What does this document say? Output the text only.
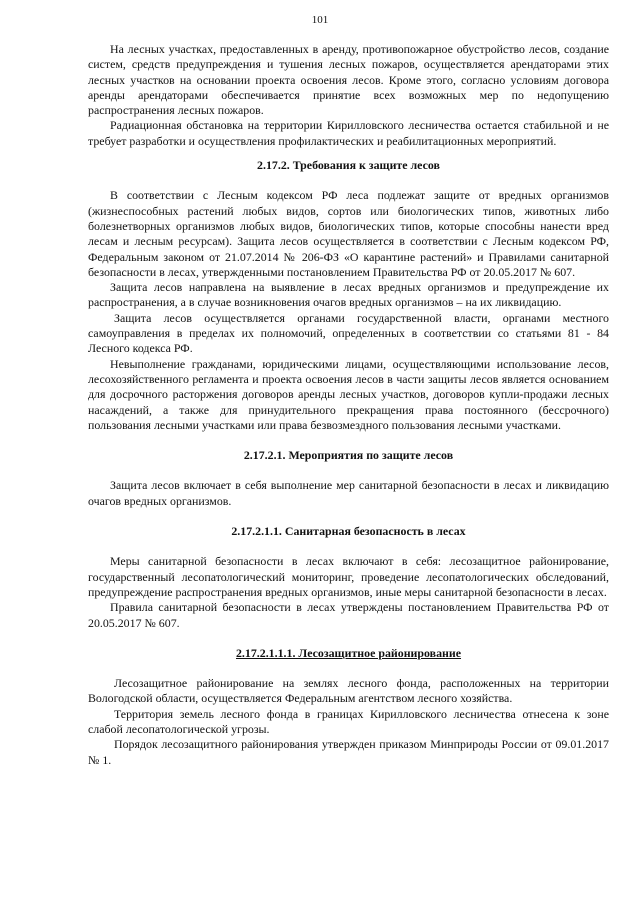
101

На лесных участках, предоставленных в аренду, противопожарное обустройство лесов, создание систем, средств предупреждения и тушения лесных пожаров, осуществляется арендаторами этих лесных участков на основании проекта освоения лесов. Кроме этого, согласно условиям договора аренды арендаторами обеспечивается принятие всех возможных мер по недопущению распространения лесных пожаров.

Радиационная обстановка на территории Кирилловского лесничества остается стабильной и не требует разработки и осуществления профилактических и реабилитационных мероприятий.

2.17.2. Требования к защите лесов

В соответствии с Лесным кодексом РФ леса подлежат защите от вредных организмов (жизнеспособных растений любых видов, сортов или биологических типов, животных либо болезнетворных организмов любых видов, биологических типов, которые способны нанести вред лесам и лесным ресурсам). Защита лесов осуществляется в соответствии с Лесным кодексом РФ, Федеральным законом от 21.07.2014 № 206-ФЗ «О карантине растений» и Правилами санитарной безопасности в лесах, утвержденными постановлением Правительства РФ от 20.05.2017 № 607.

Защита лесов направлена на выявление в лесах вредных организмов и предупреждение их распространения, а в случае возникновения очагов вредных организмов – на их ликвидацию.

Защита лесов осуществляется органами государственной власти, органами местного самоуправления в пределах их полномочий, определенных в соответствии со статьями 81 - 84 Лесного кодекса РФ.

Невыполнение гражданами, юридическими лицами, осуществляющими использование лесов, лесохозяйственного регламента и проекта освоения лесов в части защиты лесов является основанием для досрочного расторжения договоров аренды лесных участков, договоров купли-продажи лесных насаждений, а также для принудительного прекращения права постоянного (бессрочного) пользования лесными участками или права безвозмездного пользования лесными участками.

2.17.2.1. Мероприятия по защите лесов

Защита лесов включает в себя выполнение мер санитарной безопасности в лесах и ликвидацию очагов вредных организмов.

2.17.2.1.1. Санитарная безопасность в лесах

Меры санитарной безопасности в лесах включают в себя: лесозащитное районирование, государственный лесопатологический мониторинг, проведение лесопатологических обследований, предупреждение распространения вредных организмов, иные меры санитарной безопасности в лесах.

Правила санитарной безопасности в лесах утверждены постановлением Правительства РФ от 20.05.2017 № 607.

2.17.2.1.1.1. Лесозащитное районирование

Лесозащитное районирование на землях лесного фонда, расположенных на территории Вологодской области, осуществляется Федеральным агентством лесного хозяйства.

Территория земель лесного фонда в границах Кирилловского лесничества отнесена к зоне слабой лесопатологической угрозы.

Порядок лесозащитного районирования утвержден приказом Минприроды России от 09.01.2017 № 1.
